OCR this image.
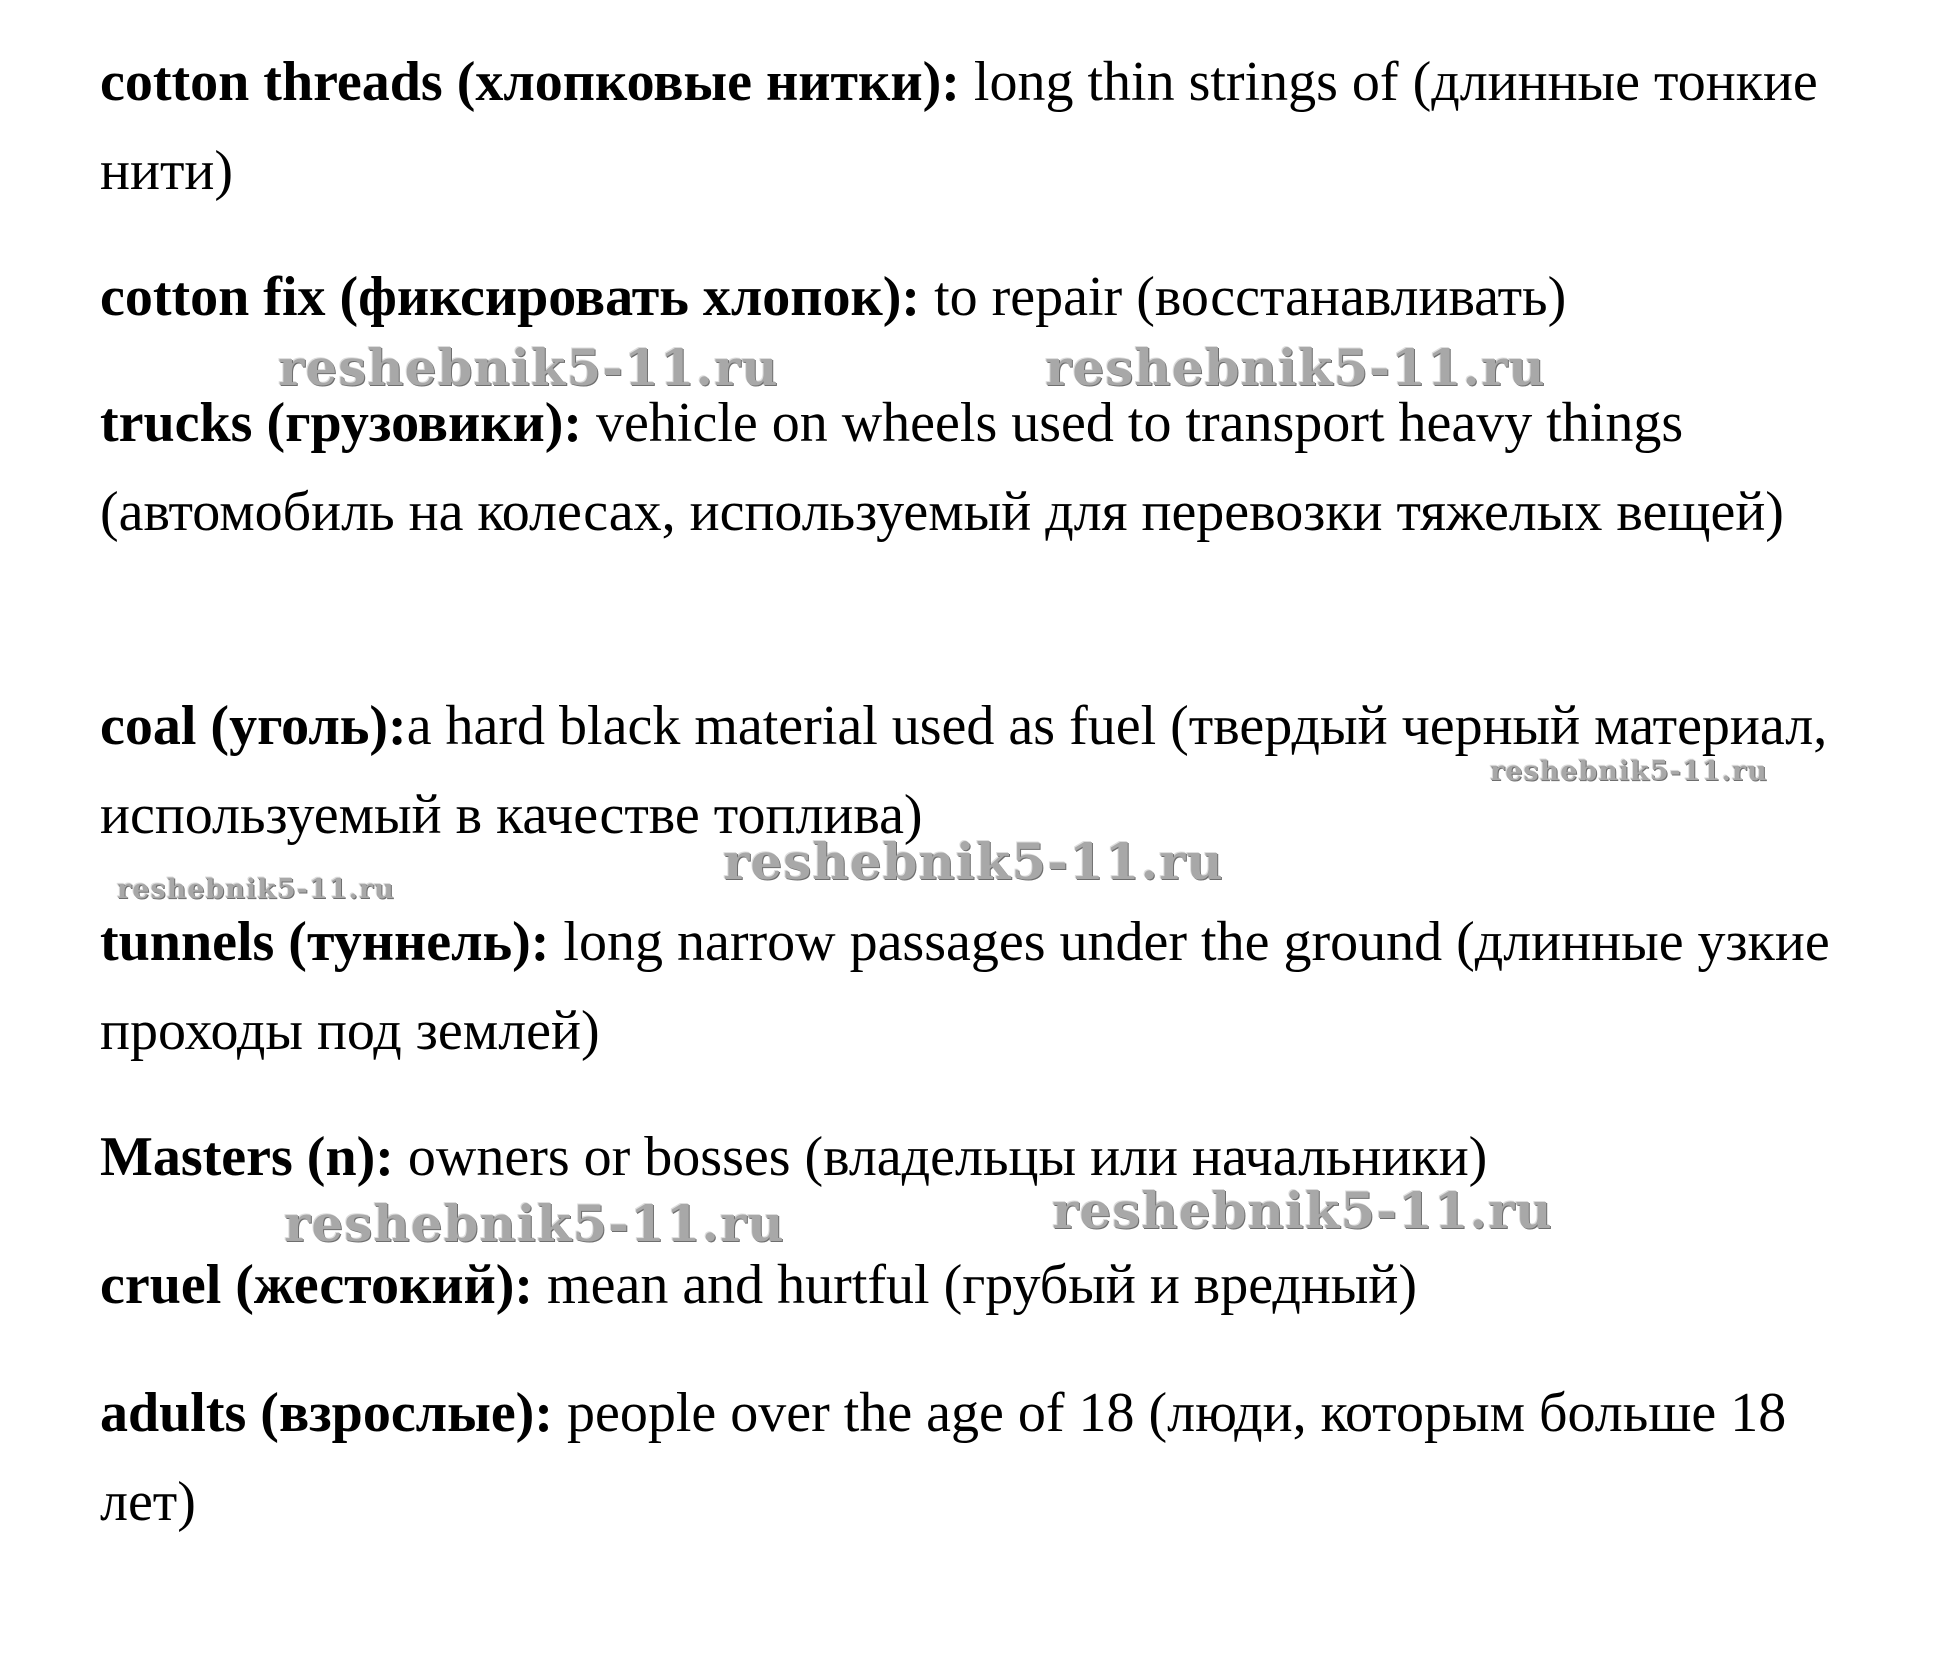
cotton threads (хлопковые нитки): long thin strings of (длинные тонкие нити)

cotton fix (фиксировать хлопок): to repair (восстанавливать)

trucks (грузовики): vehicle on wheels used to transport heavy things (автомобиль на колесах, используемый для перевозки тяжелых вещей)

coal (уголь):a hard black material used as fuel (твердый черный материал, используемый в качестве топлива)

tunnels (туннель): long narrow passages under the ground (длинные узкие проходы под землей)

Masters (n): owners or bosses (владельцы или начальники)

cruel (жестокий): mean and hurtful (грубый и вредный)

adults (взрослые): people over the age of 18 (люди, которым больше 18 лет)

reshebnik5-11.ru	reshebnik5-11.ru
reshebnik5-11.ru
reshebnik5-11.ru
reshebnik5-11.ru
reshebnik5-11.ru
reshebnik5-11.ru
